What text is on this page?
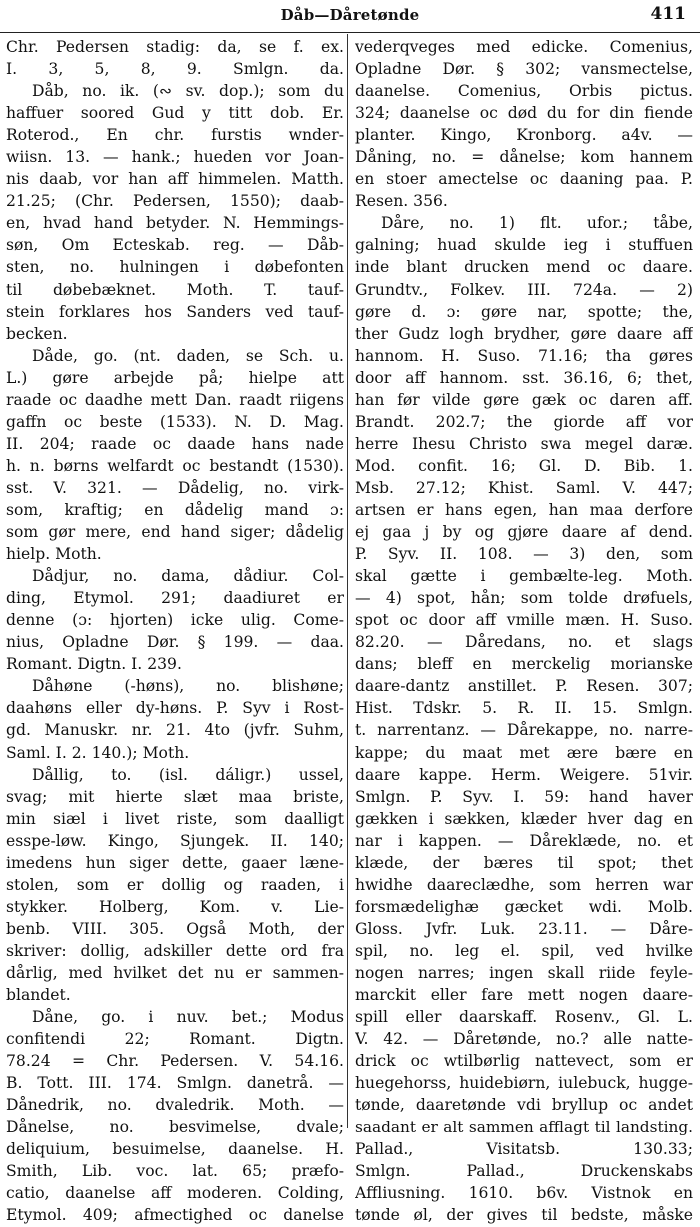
Dåb—Dåretønde	411
Chr. Pedersen stadig: da, se f. ex.
I. 3, 5, 8, 9. Smlgn. da.
Dåb, no. ik. (∾ sv. dop.); som du
haffuer soored Gud y titt dob. Er.
Roterod., En chr. furstis wnder-
wiisn. 13. — hank.; hueden vor Joan-
nis daab, vor han aff himmelen. Matth.
21.25; (Chr. Pedersen, 1550); daab-
en, hvad hand betyder. N. Hemmings-
søn, Om Ecteskab. reg. — Dåb-
sten, no. hulningen i døbefonten
til døbebæknet. Moth. T. tauf-
stein forklares hos Sanders ved tauf-
becken.
Dåde, go. (nt. daden, se Sch. u.
L.) gøre arbejde på; hielpe att
raade oc daadhe mett Dan. raadt riigens
gaffn oc beste (1533). N. D. Mag.
II. 204; raade oc daade hans nade
h. n. børns welfardt oc bestandt (1530).
sst. V. 321. — Dådelig, no. virk-
som, kraftig; en dådelig mand ɔ:
som gør mere, end hand siger; dådelig
hielp. Moth.
Dådjur, no. dama, dådiur. Col-
ding, Etymol. 291; daadiuret er
denne (ɔ: hjorten) icke ulig. Come-
nius, Opladne Dør. § 199. — daa.
Romant. Digtn. I. 239.
Dåhøne (-høns), no. blishøne;
daahøns eller dy-høns. P. Syv i Rost-
gd. Manuskr. nr. 21. 4to (jvfr. Suhm,
Saml. I. 2. 140.); Moth.
Dållig, to. (isl. dáligr.) ussel,
svag; mit hierte slæt maa briste,
min siæl i livet riste, som daalligt
esspe-løw. Kingo, Sjungek. II. 140;
imedens hun siger dette, gaaer læne-
stolen, som er dollig og raaden, i
stykker. Holberg, Kom. v. Lie-
benb. VIII. 305. Også Moth, der
skriver: dollig, adskiller dette ord fra
dårlig, med hvilket det nu er sammen-
blandet.
Dåne, go. i nuv. bet.; Modus
confitendi 22; Romant. Digtn.
78.24 = Chr. Pedersen. V. 54.16.
B. Tott. III. 174. Smlgn. danetrå. —
Dånedrik, no. dvaledrik. Moth. —
Dånelse, no. besvimelse, dvale;
deliquium, besuimelse, daanelse. H.
Smith, Lib. voc. lat. 65; præfo-
catio, daanelse aff moderen. Colding,
Etymol. 409; afmectighed oc danelse
vederqveges med edicke. Comenius,
Opladne Dør. § 302; vansmectelse,
daanelse. Comenius, Orbis pictus.
324; daanelse oc død du for din fiende
planter. Kingo, Kronborg. a4v. —
Dåning, no. = dånelse; kom hannem
en stoer amectelse oc daaning paa. P.
Resen. 356.
Dåre, no. 1) flt. ufor.; tåbe,
galning; huad skulde ieg i stuffuen
inde blant drucken mend oc daare.
Grundtv., Folkev. III. 724a. — 2)
gøre d. ɔ: gøre nar, spotte; the,
ther Gudz logh brydher, gøre daare aff
hannom. H. Suso. 71.16; tha gøres
door aff hannom. sst. 36.16, 6; thet,
han før vilde gøre gæk oc daren aff.
Brandt. 202.7; the giorde aff vor
herre Ihesu Christo swa megel daræ.
Mod. confit. 16; Gl. D. Bib. 1.
Msb. 27.12; Khist. Saml. V. 447;
artsen er hans egen, han maa derfore
ej gaa j by og gjøre daare af dend.
P. Syv. II. 108. — 3) den, som
skal gætte i gembælte-leg. Moth.
— 4) spot, hån; som tolde drøfuels,
spot oc door aff vmille mæn. H. Suso.
82.20. — Dåredans, no. et slags
dans; bleff en merckelig morianske
daare-dantz anstillet. P. Resen. 307;
Hist. Tdskr. 5. R. II. 15. Smlgn.
t. narrentanz. — Dårekappe, no. narre-
kappe; du maat met ære bære en
daare kappe. Herm. Weigere. 51vir.
Smlgn. P. Syv. I. 59: hand haver
gækken i sækken, klæder hver dag en
nar i kappen. — Dåreklæde, no. et
klæde, der bæres til spot; thet
hwidhe daareclædhe, som herren war
forsmædelighæ gæcket wdi. Molb.
Gloss. Jvfr. Luk. 23.11. — Dåre-
spil, no. leg el. spil, ved hvilke
nogen narres; ingen skall riide feyle-
marckit eller fare mett nogen daare-
spill eller daarskaff. Rosenv., Gl. L.
V. 42. — Dåretønde, no.? alle natte-
drick oc wtilbørlig nattevect, som er
huegehorss, huidebiørn, iulebuck, hugge-
tønde, daaretønde vdi bryllup oc andet
saadant er alt sammen afflagt til landsting.
Pallad., Visitatsb. 130.33;
Smlgn. Pallad., Druckenskabs
Affliusning. 1610. b6v. Vistnok en
tønde øl, der gives til bedste, måske
